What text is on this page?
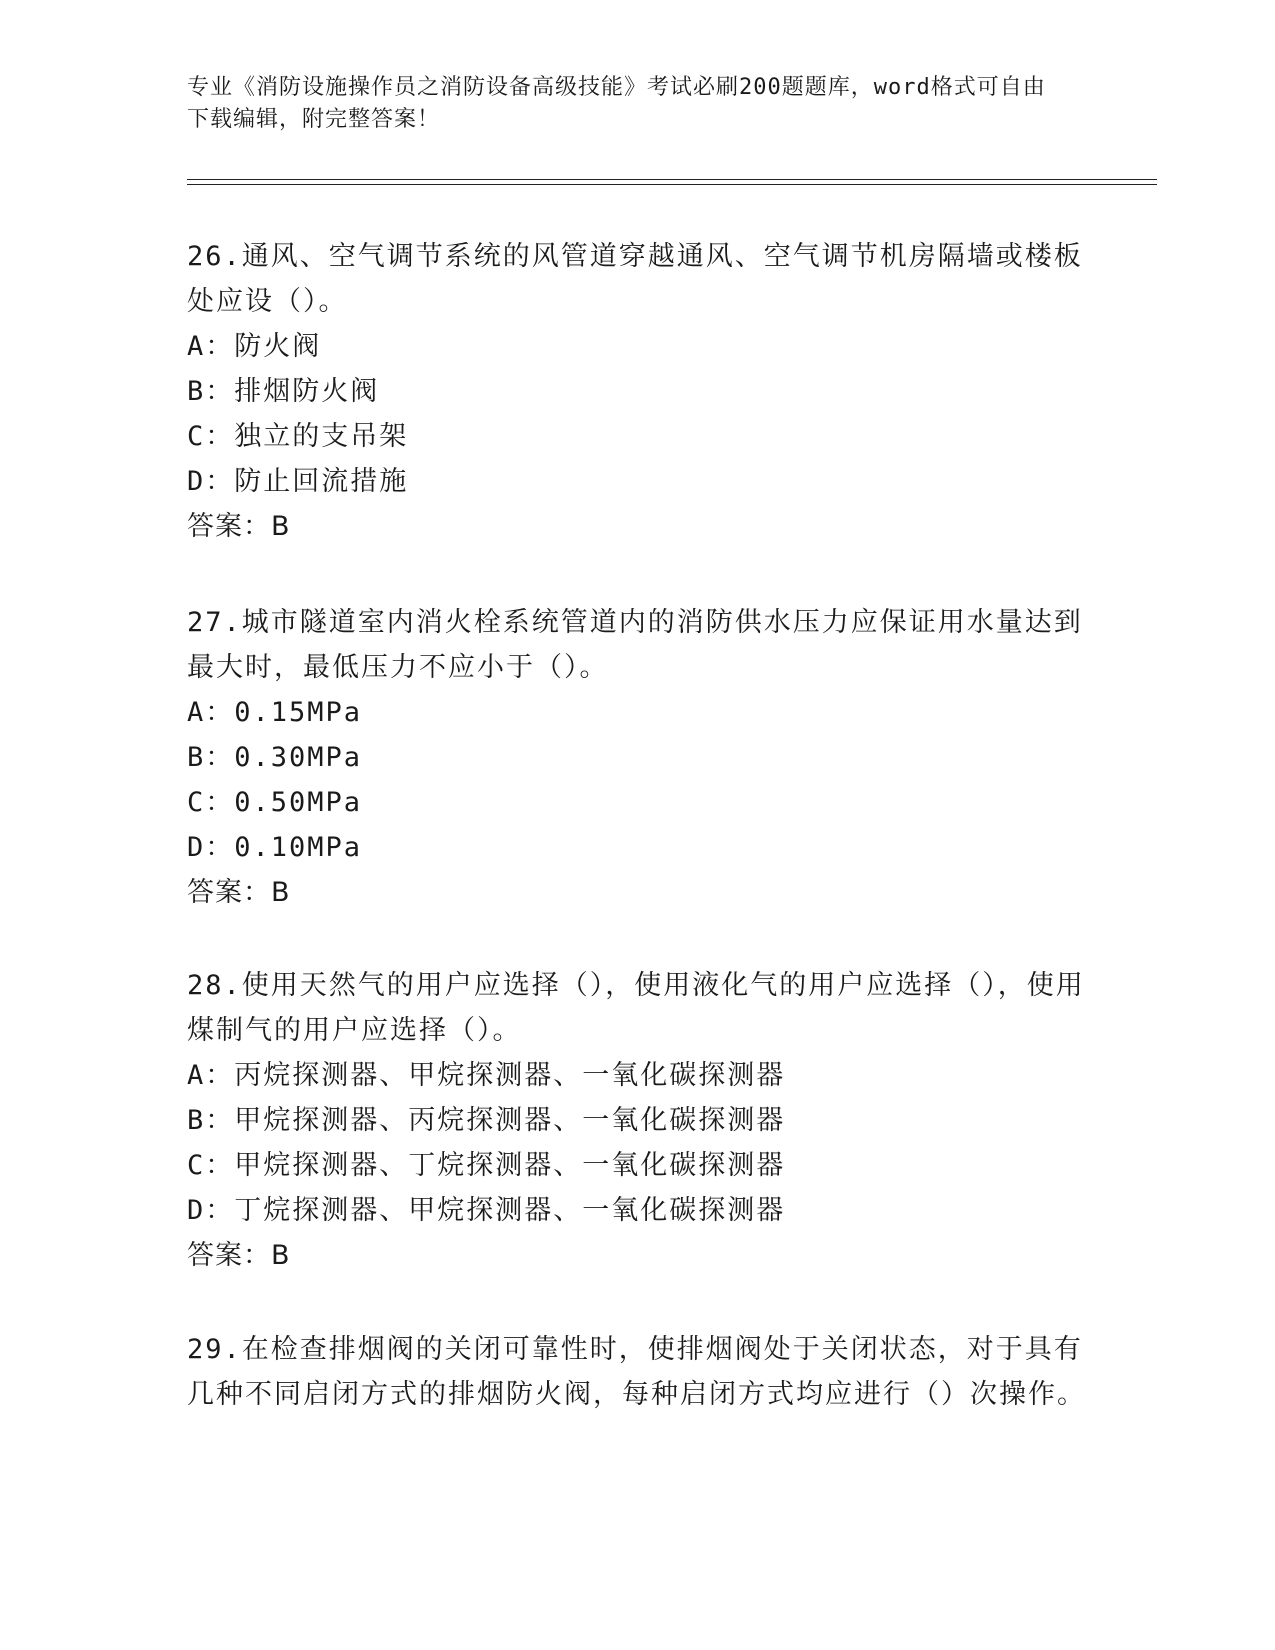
专业《消防设施操作员之消防设备高级技能》考试必刷200题题库，word格式可自由下载编辑，附完整答案！

26.通风、空气调节系统的风管道穿越通风、空气调节机房隔墙或楼板处应设（）。

A：防火阀

B：排烟防火阀

C：独立的支吊架

D：防止回流措施

答案：B

27.城市隧道室内消火栓系统管道内的消防供水压力应保证用水量达到最大时，最低压力不应小于（）。

A：0.15MPa

B：0.30MPa

C：0.50MPa

D：0.10MPa

答案：B

28.使用天然气的用户应选择（），使用液化气的用户应选择（），使用煤制气的用户应选择（）。

A：丙烷探测器、甲烷探测器、一氧化碳探测器

B：甲烷探测器、丙烷探测器、一氧化碳探测器

C：甲烷探测器、丁烷探测器、一氧化碳探测器

D：丁烷探测器、甲烷探测器、一氧化碳探测器

答案：B

29.在检查排烟阀的关闭可靠性时，使排烟阀处于关闭状态，对于具有几种不同启闭方式的排烟防火阀，每种启闭方式均应进行（）次操作。
